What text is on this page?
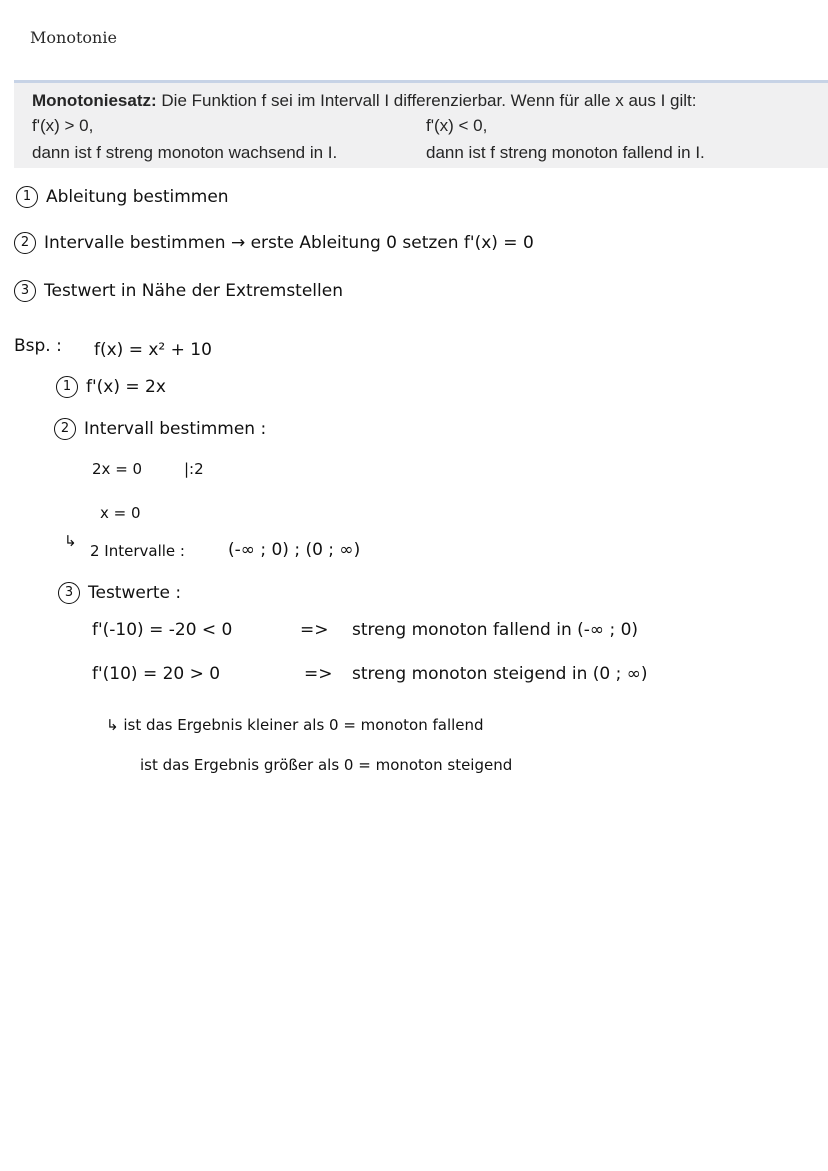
Monotonie
Monotoniesatz: Die Funktion f sei im Intervall I differenzierbar. Wenn für alle x aus I gilt:
f'(x) > 0,	f'(x) < 0,
dann ist f streng monoton wachsend in I.	dann ist f streng monoton fallend in I.
1 Ableitung bestimmen
2 Intervalle bestimmen → erste Ableitung 0 setzen f'(x) = 0
3 Testwert in Nähe der Extremstellen
Bsp. : f(x) = x² + 10
1 f'(x) = 2x
2 Intervall bestimmen :
2x = 0	|:2
x = 0
↳
2 Intervalle :	(-∞ ; 0) ; (0 ; ∞)
3 Testwerte :
f'(-10) = -20 < 0	=> streng monoton fallend in (-∞ ; 0)
f'(10) = 20 > 0	=> streng monoton steigend in (0 ; ∞)
↳ ist das Ergebnis kleiner als 0 = monoton fallend
ist das Ergebnis größer als 0 = monoton steigend
